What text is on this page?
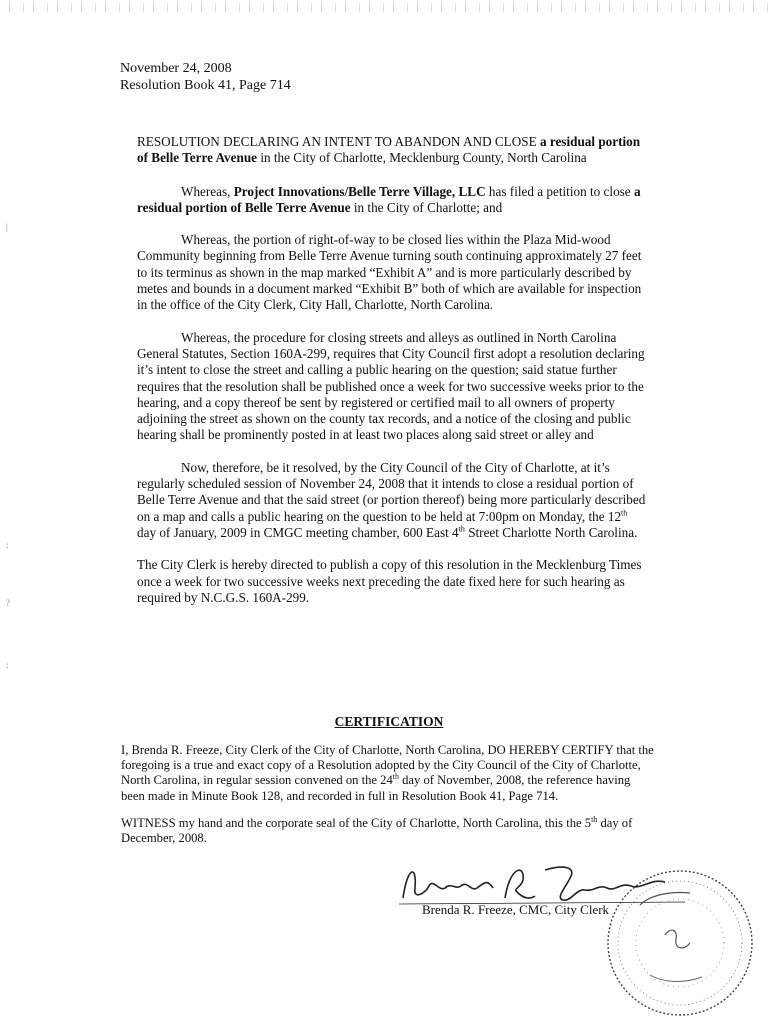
|
:
?
:
November 24, 2008
Resolution Book 41, Page 714

RESOLUTION DECLARING AN INTENT TO ABANDON AND CLOSE a residual portion of Belle Terre Avenue in the City of Charlotte, Mecklenburg County, North Carolina

Whereas, Project Innovations/Belle Terre Village, LLC has filed a petition to close a residual portion of Belle Terre Avenue in the City of Charlotte; and

Whereas, the portion of right-of-way to be closed lies within the Plaza Mid-wood Community beginning from Belle Terre Avenue turning south continuing approximately 27 feet to its terminus as shown in the map marked “Exhibit A” and is more particularly described by metes and bounds in a document marked “Exhibit B” both of which are available for inspection in the office of the City Clerk, City Hall, Charlotte, North Carolina.

Whereas, the procedure for closing streets and alleys as outlined in North Carolina General Statutes, Section 160A-299, requires that City Council first adopt a resolution declaring it’s intent to close the street and calling a public hearing on the question; said statue further requires that the resolution shall be published once a week for two successive weeks prior to the hearing, and a copy thereof be sent by registered or certified mail to all owners of property adjoining the street as shown on the county tax records, and a notice of the closing and public hearing shall be prominently posted in at least two places along said street or alley and

Now, therefore, be it resolved, by the City Council of the City of Charlotte, at it’s regularly scheduled session of November 24, 2008 that it intends to close a residual portion of Belle Terre Avenue and that the said street (or portion thereof) being more particularly described on a map and calls a public hearing on the question to be held at 7:00pm on Monday, the 12th day of January, 2009 in CMGC meeting chamber, 600 East 4th Street Charlotte North Carolina.

The City Clerk is hereby directed to publish a copy of this resolution in the Mecklenburg Times once a week for two successive weeks next preceding the date fixed here for such hearing as required by N.C.G.S. 160A-299.

CERTIFICATION

I, Brenda R. Freeze, City Clerk of the City of Charlotte, North Carolina, DO HEREBY CERTIFY that the foregoing is a true and exact copy of a Resolution adopted by the City Council of the City of Charlotte, North Carolina, in regular session convened on the 24th day of November, 2008, the reference having been made in Minute Book 128, and recorded in full in Resolution Book 41, Page 714.

WITNESS my hand and the corporate seal of the City of Charlotte, North Carolina, this the 5th day of December, 2008.

Brenda R. Freeze, CMC, City Clerk
